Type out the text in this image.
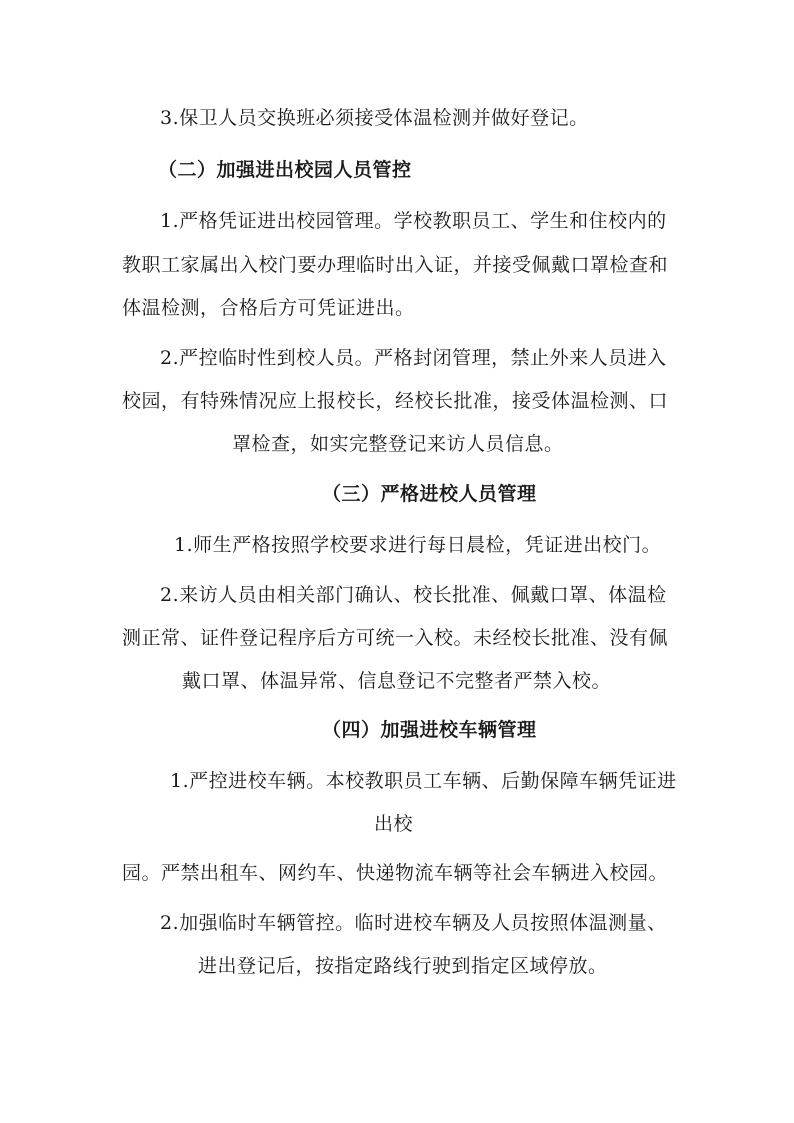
3.保卫人员交换班必须接受体温检测并做好登记。
（二）加强进出校园人员管控
1.严格凭证进出校园管理。学校教职员工、学生和住校内的
教职工家属出入校门要办理临时出入证，并接受佩戴口罩检查和
体温检测，合格后方可凭证进出。
2.严控临时性到校人员。严格封闭管理，禁止外来人员进入
校园，有特殊情况应上报校长，经校长批准，接受体温检测、口
罩检查，如实完整登记来访人员信息。
（三）严格进校人员管理
1.师生严格按照学校要求进行每日晨检，凭证进出校门。
2.来访人员由相关部门确认、校长批准、佩戴口罩、体温检
测正常、证件登记程序后方可统一入校。未经校长批准、没有佩
戴口罩、体温异常、信息登记不完整者严禁入校。
（四）加强进校车辆管理
1.严控进校车辆。本校教职员工车辆、后勤保障车辆凭证进
出校
园。严禁出租车、网约车、快递物流车辆等社会车辆进入校园。
2.加强临时车辆管控。临时进校车辆及人员按照体温测量、
进出登记后，按指定路线行驶到指定区域停放。
